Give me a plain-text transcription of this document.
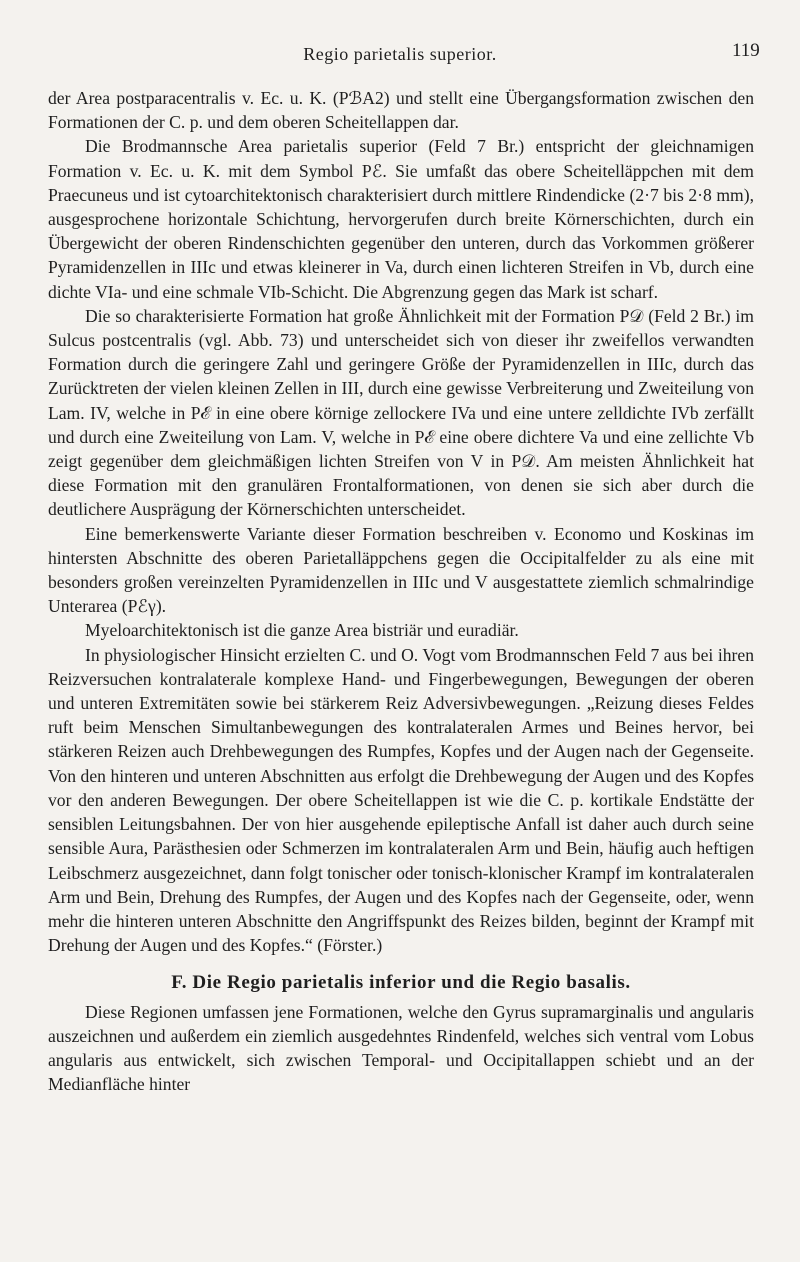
Regio parietalis superior.	119

der Area postparacentralis v. Ec. u. K. (PℬA2) und stellt eine Übergangsformation zwischen den Formationen der C. p. und dem oberen Scheitellappen dar.

Die Brodmannsche Area parietalis superior (Feld 7 Br.) entspricht der gleichnamigen Formation v. Ec. u. K. mit dem Symbol Pℰ. Sie umfaßt das obere Scheitelläppchen mit dem Praecuneus und ist cytoarchitektonisch charakterisiert durch mittlere Rindendicke (2·7 bis 2·8 mm), ausgesprochene horizontale Schichtung, hervorgerufen durch breite Körnerschichten, durch ein Übergewicht der oberen Rindenschichten gegenüber den unteren, durch das Vorkommen größerer Pyramidenzellen in IIIc und etwas kleinerer in Va, durch einen lichteren Streifen in Vb, durch eine dichte VIa- und eine schmale VIb-Schicht. Die Abgrenzung gegen das Mark ist scharf.

Die so charakterisierte Formation hat große Ähnlichkeit mit der Formation P𝒟 (Feld 2 Br.) im Sulcus postcentralis (vgl. Abb. 73) und unterscheidet sich von dieser ihr zweifellos verwandten Formation durch die geringere Zahl und geringere Größe der Pyramidenzellen in IIIc, durch das Zurücktreten der vielen kleinen Zellen in III, durch eine gewisse Verbreiterung und Zweiteilung von Lam. IV, welche in Pℰ in eine obere körnige zellockere IVa und eine untere zelldichte IVb zerfällt und durch eine Zweiteilung von Lam. V, welche in Pℰ eine obere dichtere Va und eine zellichte Vb zeigt gegenüber dem gleichmäßigen lichten Streifen von V in P𝒟. Am meisten Ähnlichkeit hat diese Formation mit den granulären Frontalformationen, von denen sie sich aber durch die deutlichere Ausprägung der Körnerschichten unterscheidet.

Eine bemerkenswerte Variante dieser Formation beschreiben v. Economo und Koskinas im hintersten Abschnitte des oberen Parietalläppchens gegen die Occipitalfelder zu als eine mit besonders großen vereinzelten Pyramidenzellen in IIIc und V ausgestattete ziemlich schmalrindige Unterarea (Pℰγ).

Myeloarchitektonisch ist die ganze Area bistriär und euradiär.

In physiologischer Hinsicht erzielten C. und O. Vogt vom Brodmannschen Feld 7 aus bei ihren Reizversuchen kontralaterale komplexe Hand- und Fingerbewegungen, Bewegungen der oberen und unteren Extremitäten sowie bei stärkerem Reiz Adversivbewegungen. „Reizung dieses Feldes ruft beim Menschen Simultanbewegungen des kontralateralen Armes und Beines hervor, bei stärkeren Reizen auch Drehbewegungen des Rumpfes, Kopfes und der Augen nach der Gegenseite. Von den hinteren und unteren Abschnitten aus erfolgt die Drehbewegung der Augen und des Kopfes vor den anderen Bewegungen. Der obere Scheitellappen ist wie die C. p. kortikale Endstätte der sensiblen Leitungsbahnen. Der von hier ausgehende epileptische Anfall ist daher auch durch seine sensible Aura, Parästhesien oder Schmerzen im kontralateralen Arm und Bein, häufig auch heftigen Leibschmerz ausgezeichnet, dann folgt tonischer oder tonisch-klonischer Krampf im kontralateralen Arm und Bein, Drehung des Rumpfes, der Augen und des Kopfes nach der Gegenseite, oder, wenn mehr die hinteren unteren Abschnitte den Angriffspunkt des Reizes bilden, beginnt der Krampf mit Drehung der Augen und des Kopfes.“ (Förster.)

F. Die Regio parietalis inferior und die Regio basalis.

Diese Regionen umfassen jene Formationen, welche den Gyrus supramarginalis und angularis auszeichnen und außerdem ein ziemlich ausgedehntes Rindenfeld, welches sich ventral vom Lobus angularis aus entwickelt, sich zwischen Temporal- und Occipitallappen schiebt und an der Medianfläche hinter
